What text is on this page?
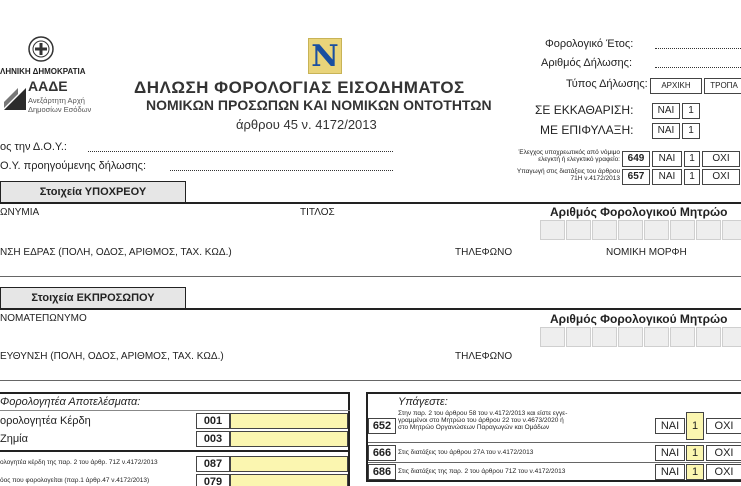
ΛΗΝΙΚΗ ΔΗΜΟΚΡΑΤΙΑ
ΑΑΔΕ
Ανεξάρτητη Αρχή
Δημοσίων Εσόδων
N
ΔΗΛΩΣΗ ΦΟΡΟΛΟΓΙΑΣ ΕΙΣΟΔΗΜΑΤΟΣ
ΝΟΜΙΚΩΝ ΠΡΟΣΩΠΩΝ ΚΑΙ ΝΟΜΙΚΩΝ ΟΝΤΟΤΗΤΩΝ
άρθρου 45 ν. 4172/2013
Φορολογικό Έτος:
Αριθμός Δήλωσης:
Τύπος Δήλωσης:	ΑΡΧΙΚΗ	ΤΡΟΠΑ
ΣΕ ΕΚΚΑΘΑΡΙΣΗ:	ΝΑΙ	1
ΜΕ ΕΠΙΦΥΛΑΞΗ:	ΝΑΙ	1
Έλεγχος υποχρεωτικός από νόμιμο
ελεγκτή ή ελεγκτικό γραφείο: 649	ΝΑΙ	1	ΟΧΙ
Υπαγωγή στις διατάξεις του άρθρου
71Η ν.4172/2013 657	ΝΑΙ	1	ΟΧΙ
ος την Δ.Ο.Υ.:
Ο.Υ. προηγούμενης δήλωσης:
Στοιχεία ΥΠΟΧΡΕΟΥ
ΩΝΥΜΙΑ	ΤΙΤΛΟΣ	Αριθμός Φορολογικού Μητρώο
ΝΣΗ ΕΔΡΑΣ (ΠΟΛΗ, ΟΔΟΣ, ΑΡΙΘΜΟΣ, ΤΑΧ. ΚΩΔ.)	ΤΗΛΕΦΩΝΟ	ΝΟΜΙΚΗ ΜΟΡΦΗ
Στοιχεία ΕΚΠΡΟΣΩΠΟΥ
ΝΟΜΑΤΕΠΩΝΥΜΟ	Αριθμός Φορολογικού Μητρώο
ΕΥΘΥΝΣΗ (ΠΟΛΗ, ΟΔΟΣ, ΑΡΙΘΜΟΣ, ΤΑΧ. ΚΩΔ.)	ΤΗΛΕΦΩΝΟ
Φορολογητέα Αποτελέσματα:
ορολογητέα Κέρδη	001
Ζημία	003
ολογητέα κέρδη της παρ. 2 του άρθρ. 71Ζ ν.4172/2013	087
όος που φορολογείται (παρ.1 άρθρ.47 ν.4172/2013)	079
Υπάγεστε:
652
Στην παρ. 2 του άρθρου 58 του ν.4172/2013 και είστε εγγε-
γραμμένοι στο Μητρώο του άρθρου 22 του ν.4673/2020 ή
στο Μητρώο Οργανώσεων Παραγωγών και Ομάδων	ΝΑΙ	1	ΟΧΙ
666	Στις διατάξεις του άρθρου 27Α του ν.4172/2013	ΝΑΙ	1	ΟΧΙ
686	Στις διατάξεις της παρ. 2 του άρθρου 71Ζ του ν.4172/2013	ΝΑΙ	1	ΟΧΙ
